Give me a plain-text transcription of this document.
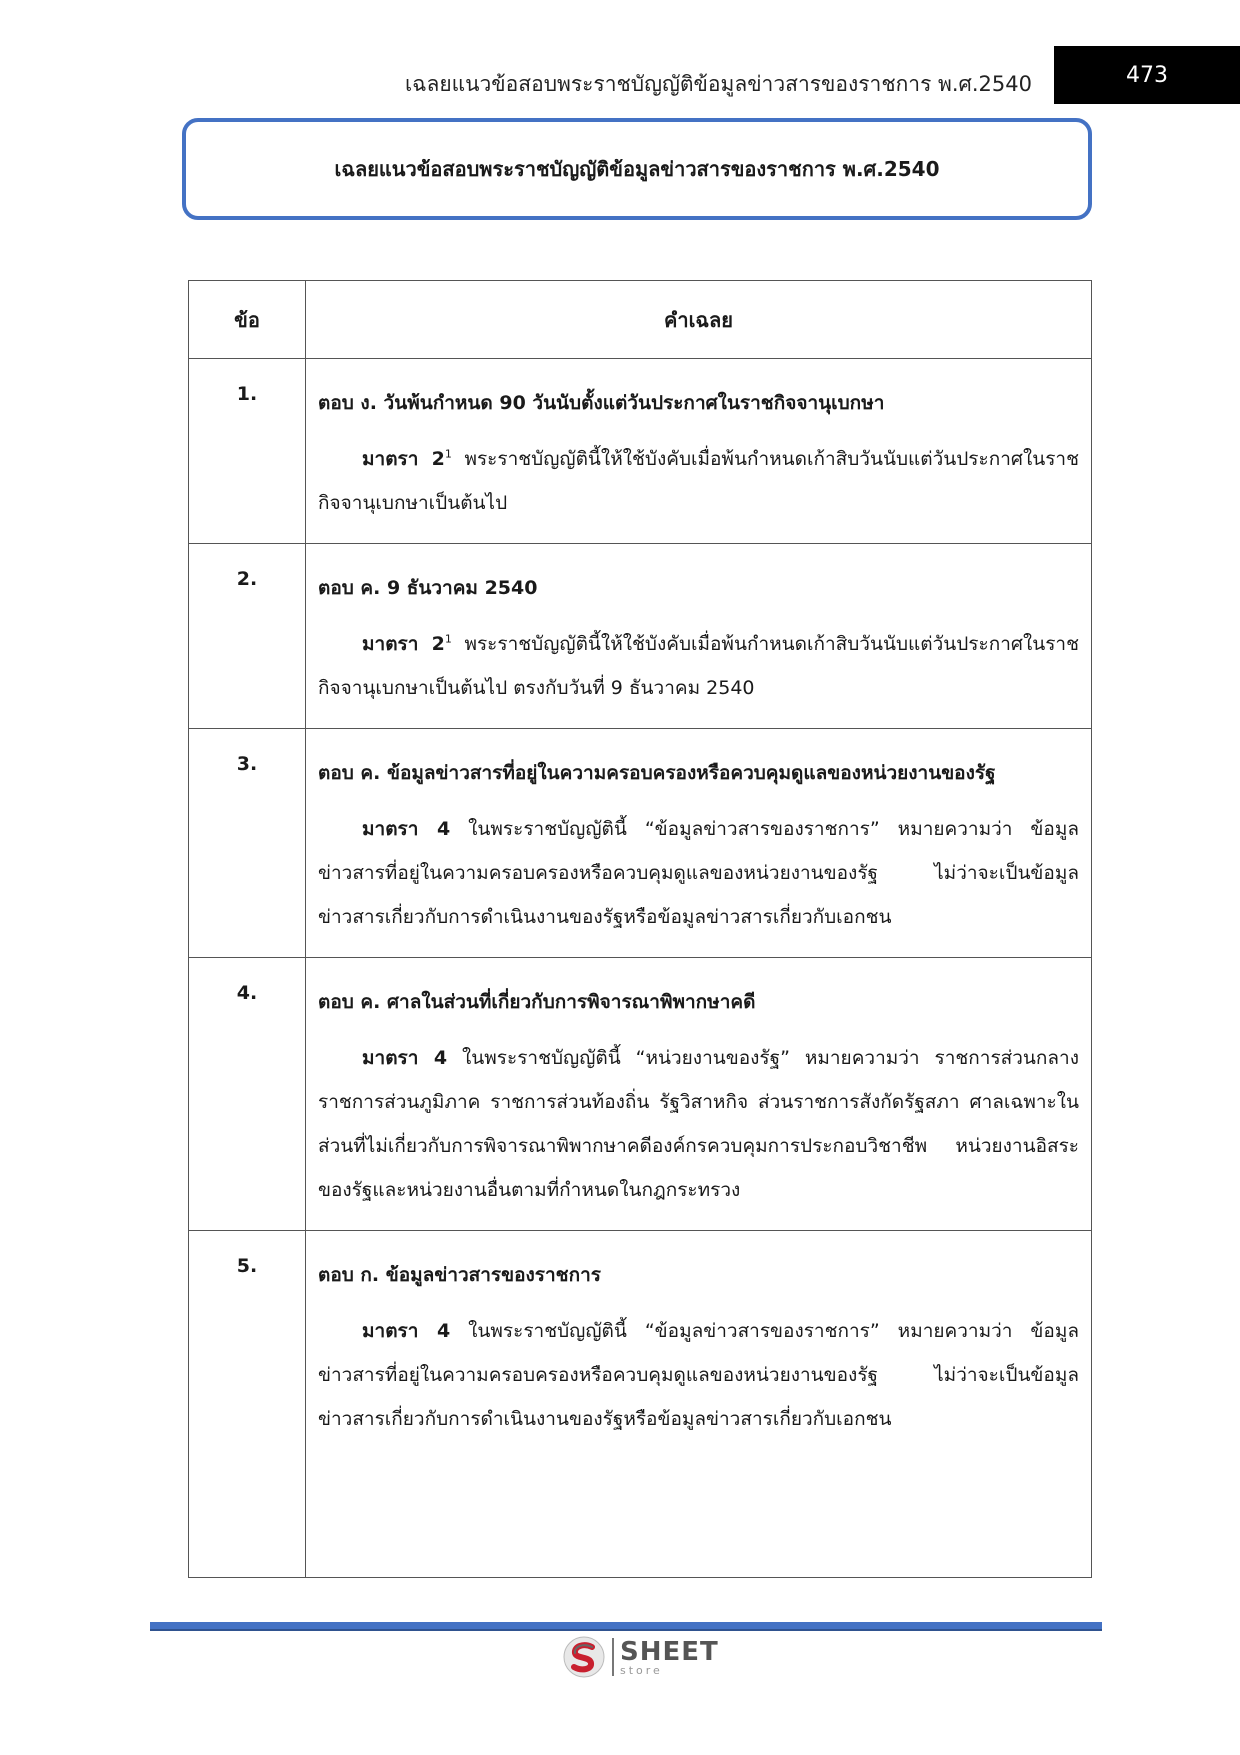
เฉลยแนวข้อสอบพระราชบัญญัติข้อมูลข่าวสารของราชการ พ.ศ.2540	473
เฉลยแนวข้อสอบพระราชบัญญัติข้อมูลข่าวสารของราชการ พ.ศ.2540
ข้อ	คำเฉลย
1.	ตอบ ง. วันพ้นกำหนด 90 วันนับตั้งแต่วันประกาศในราชกิจจานุเบกษา
มาตรา $2^1$ พระราชบัญญัตินี้ให้ใช้บังคับเมื่อพ้นกำหนดเก้าสิบวันนับแต่วันประกาศในราชกิจจานุเบกษาเป็นต้นไป

2.	ตอบ ค. 9 ธันวาคม 2540
มาตรา $2^1$ พระราชบัญญัตินี้ให้ใช้บังคับเมื่อพ้นกำหนดเก้าสิบวันนับแต่วันประกาศในราชกิจจานุเบกษาเป็นต้นไป ตรงกับวันที่ 9 ธันวาคม 2540

3.	ตอบ ค. ข้อมูลข่าวสารที่อยู่ในความครอบครองหรือควบคุมดูแลของหน่วยงานของรัฐ
มาตรา 4 ในพระราชบัญญัตินี้ “ข้อมูลข่าวสารของราชการ” หมายความว่า ข้อมูลข่าวสารที่อยู่ในความครอบครองหรือควบคุมดูแลของหน่วยงานของรัฐ ไม่ว่าจะเป็นข้อมูลข่าวสารเกี่ยวกับการดำเนินงานของรัฐหรือข้อมูลข่าวสารเกี่ยวกับเอกชน

4.	ตอบ ค. ศาลในส่วนที่เกี่ยวกับการพิจารณาพิพากษาคดี
มาตรา 4 ในพระราชบัญญัตินี้ “หน่วยงานของรัฐ” หมายความว่า ราชการส่วนกลาง ราชการส่วนภูมิภาค ราชการส่วนท้องถิ่น รัฐวิสาหกิจ ส่วนราชการสังกัดรัฐสภา ศาลเฉพาะในส่วนที่ไม่เกี่ยวกับการพิจารณาพิพากษาคดีองค์กรควบคุมการประกอบวิชาชีพ หน่วยงานอิสระของรัฐและหน่วยงานอื่นตามที่กำหนดในกฎกระทรวง

5.	ตอบ ก. ข้อมูลข่าวสารของราชการ
มาตรา 4 ในพระราชบัญญัตินี้ “ข้อมูลข่าวสารของราชการ” หมายความว่า ข้อมูลข่าวสารที่อยู่ในความครอบครองหรือควบคุมดูแลของหน่วยงานของรัฐ ไม่ว่าจะเป็นข้อมูลข่าวสารเกี่ยวกับการดำเนินงานของรัฐหรือข้อมูลข่าวสารเกี่ยวกับเอกชน
SHEET
store
